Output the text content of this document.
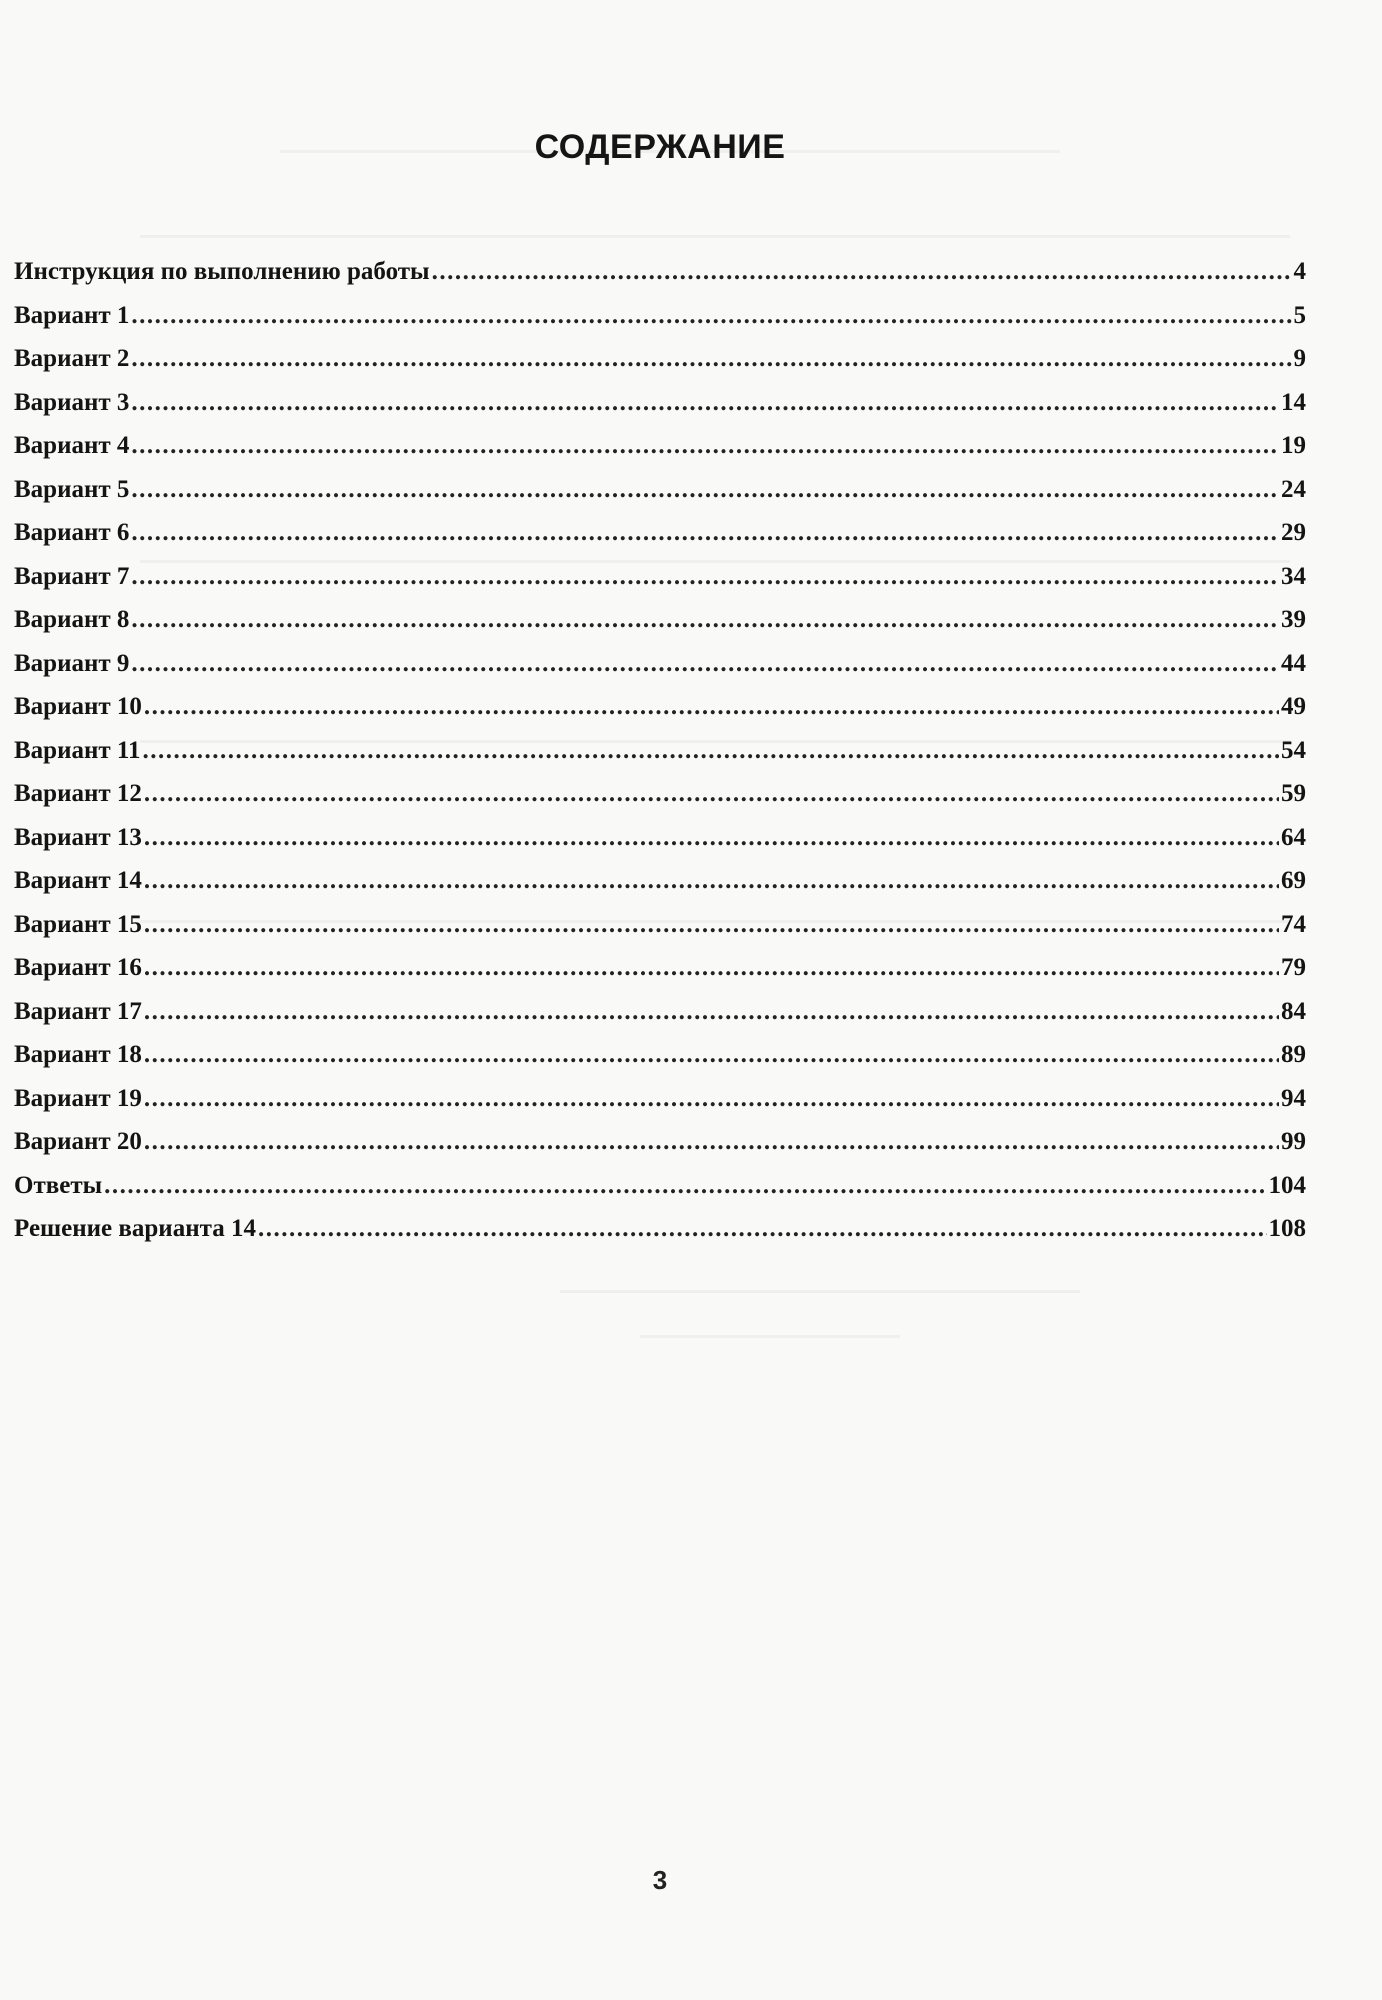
СОДЕРЖАНИЕ
Инструкция по выполнению работы .....	4
Вариант 1 .....	5
Вариант 2 .....	9
Вариант 3 .....	14
Вариант 4 .....	19
Вариант 5 .....	24
Вариант 6 .....	29
Вариант 7 .....	34
Вариант 8 .....	39
Вариант 9 .....	44
Вариант 10 .....	49
Вариант 11 .....	54
Вариант 12 .....	59
Вариант 13 .....	64
Вариант 14 .....	69
Вариант 15 .....	74
Вариант 16 .....	79
Вариант 17 .....	84
Вариант 18 .....	89
Вариант 19 .....	94
Вариант 20 .....	99
Ответы .....	104
Решение варианта 14 .....	108
3
